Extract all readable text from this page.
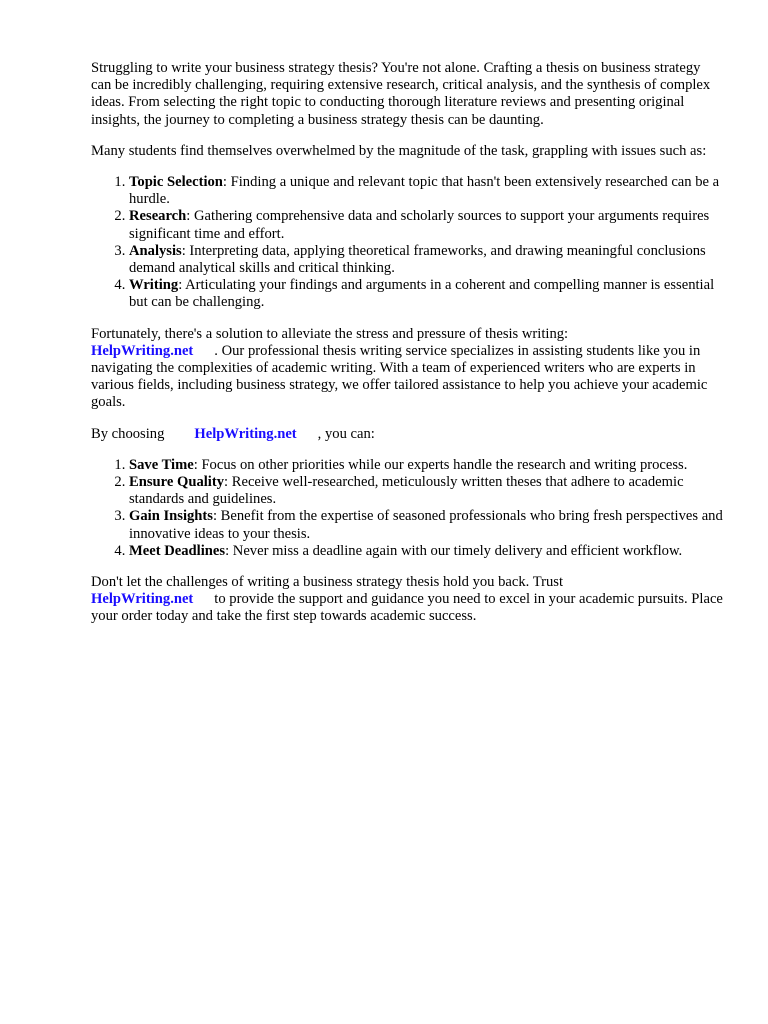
Struggling to write your business strategy thesis? You're not alone. Crafting a thesis on business strategy can be incredibly challenging, requiring extensive research, critical analysis, and the synthesis of complex ideas. From selecting the right topic to conducting thorough literature reviews and presenting original insights, the journey to completing a business strategy thesis can be daunting.

Many students find themselves overwhelmed by the magnitude of the task, grappling with issues such as:

1. Topic Selection: Finding a unique and relevant topic that hasn't been extensively researched can be a hurdle.
2. Research: Gathering comprehensive data and scholarly sources to support your arguments requires significant time and effort.
3. Analysis: Interpreting data, applying theoretical frameworks, and drawing meaningful conclusions demand analytical skills and critical thinking.
4. Writing: Articulating your findings and arguments in a coherent and compelling manner is essential but can be challenging.

Fortunately, there's a solution to alleviate the stress and pressure of thesis writing:
HelpWriting.net . Our professional thesis writing service specializes in assisting students like you in navigating the complexities of academic writing. With a team of experienced writers who are experts in various fields, including business strategy, we offer tailored assistance to help you achieve your academic goals.

By choosing HelpWriting.net , you can:

1. Save Time: Focus on other priorities while our experts handle the research and writing process.
2. Ensure Quality: Receive well-researched, meticulously written theses that adhere to academic standards and guidelines.
3. Gain Insights: Benefit from the expertise of seasoned professionals who bring fresh perspectives and innovative ideas to your thesis.
4. Meet Deadlines: Never miss a deadline again with our timely delivery and efficient workflow.

Don't let the challenges of writing a business strategy thesis hold you back. Trust
HelpWriting.net to provide the support and guidance you need to excel in your academic pursuits. Place your order today and take the first step towards academic success.
